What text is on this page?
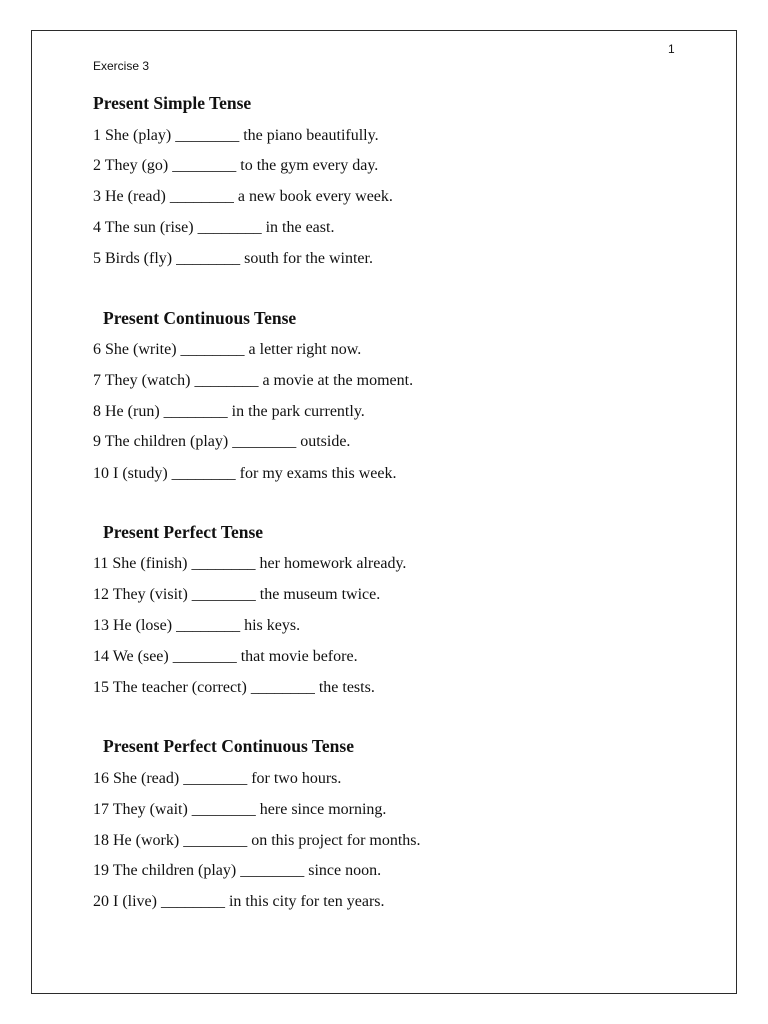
1
Exercise 3
Present Simple Tense
1 She (play) ________ the piano beautifully.
2 They (go) ________ to the gym every day.
3 He (read) ________ a new book every week.
4 The sun (rise) ________ in the east.
5 Birds (fly) ________ south for the winter.
Present Continuous Tense
6 She (write) ________ a letter right now.
7 They (watch) ________ a movie at the moment.
8 He (run) ________ in the park currently.
9 The children (play) ________ outside.
10 I (study) ________ for my exams this week.
Present Perfect Tense
11 She (finish) ________ her homework already.
12 They (visit) ________ the museum twice.
13 He (lose) ________ his keys.
14 We (see) ________ that movie before.
15 The teacher (correct) ________ the tests.
Present Perfect Continuous Tense
16 She (read) ________ for two hours.
17 They (wait) ________ here since morning.
18 He (work) ________ on this project for months.
19 The children (play) ________ since noon.
20 I (live) ________ in this city for ten years.
